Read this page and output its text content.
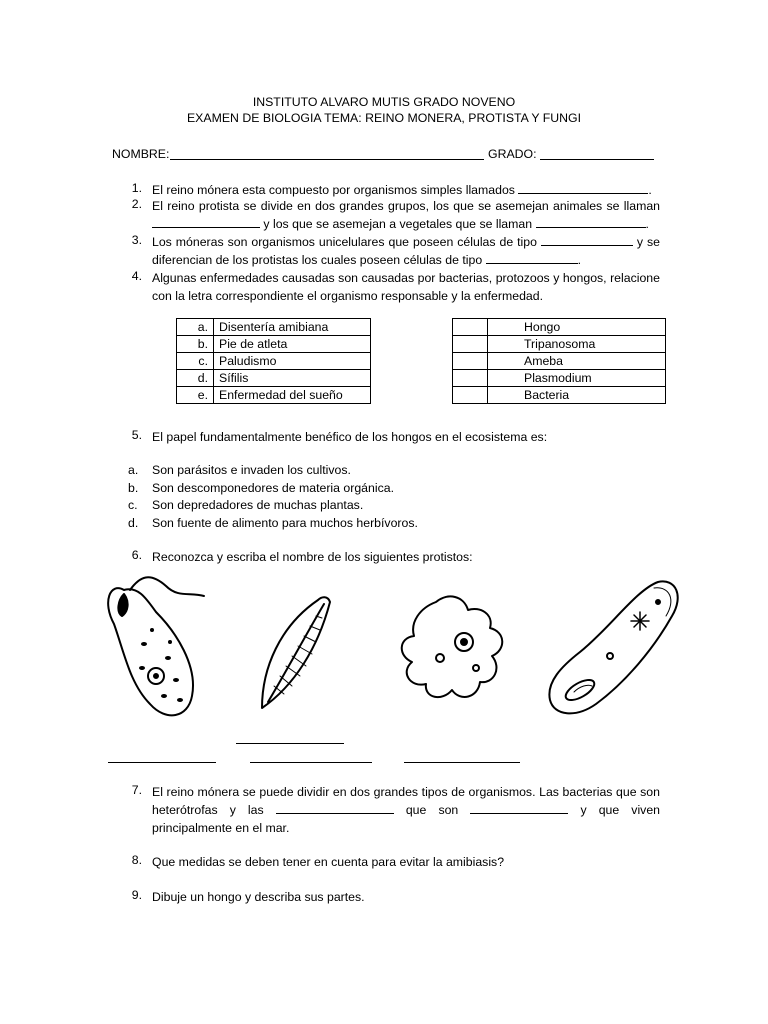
INSTITUTO ALVARO MUTIS GRADO NOVENO
EXAMEN DE BIOLOGIA TEMA: REINO MONERA, PROTISTA Y FUNGI
NOMBRE:	GRADO:
1. El reino mónera esta compuesto por organismos simples llamados	.
2. El reino protista se divide en dos grandes grupos, los que se asemejan animales se llaman  y los que se asemejan a vegetales que se llaman	.
3. Los móneras son organismos unicelulares que poseen células de tipo	y se diferencian de los protistas los cuales poseen células de tipo	.
4. Algunas enfermedades causadas son causadas por bacterias, protozoos y hongos, relacione con la letra correspondiente el organismo responsable y la enfermedad.
a.	Disentería amibiana
b.	Pie de atleta
c.	Paludismo
d.	Sífilis
e.	Enfermedad del sueño
	Hongo
	Tripanosoma
	Ameba
	Plasmodium
	Bacteria
5. El papel fundamentalmente benéfico de los hongos en el ecosistema es:
a. Son parásitos e invaden los cultivos.
b. Son descomponedores de materia orgánica.
c. Son depredadores de muchas plantas.
d. Son fuente de alimento para muchos herbívoros.
6. Reconozca y escriba el nombre de los siguientes protistos:
7. El reino mónera se puede dividir en dos grandes tipos de organismos. Las bacterias que son heterótrofas y las	que son	y que viven principalmente en el mar.
8. Que medidas se deben tener en cuenta para evitar la amibiasis?
9. Dibuje un hongo y describa sus partes.
